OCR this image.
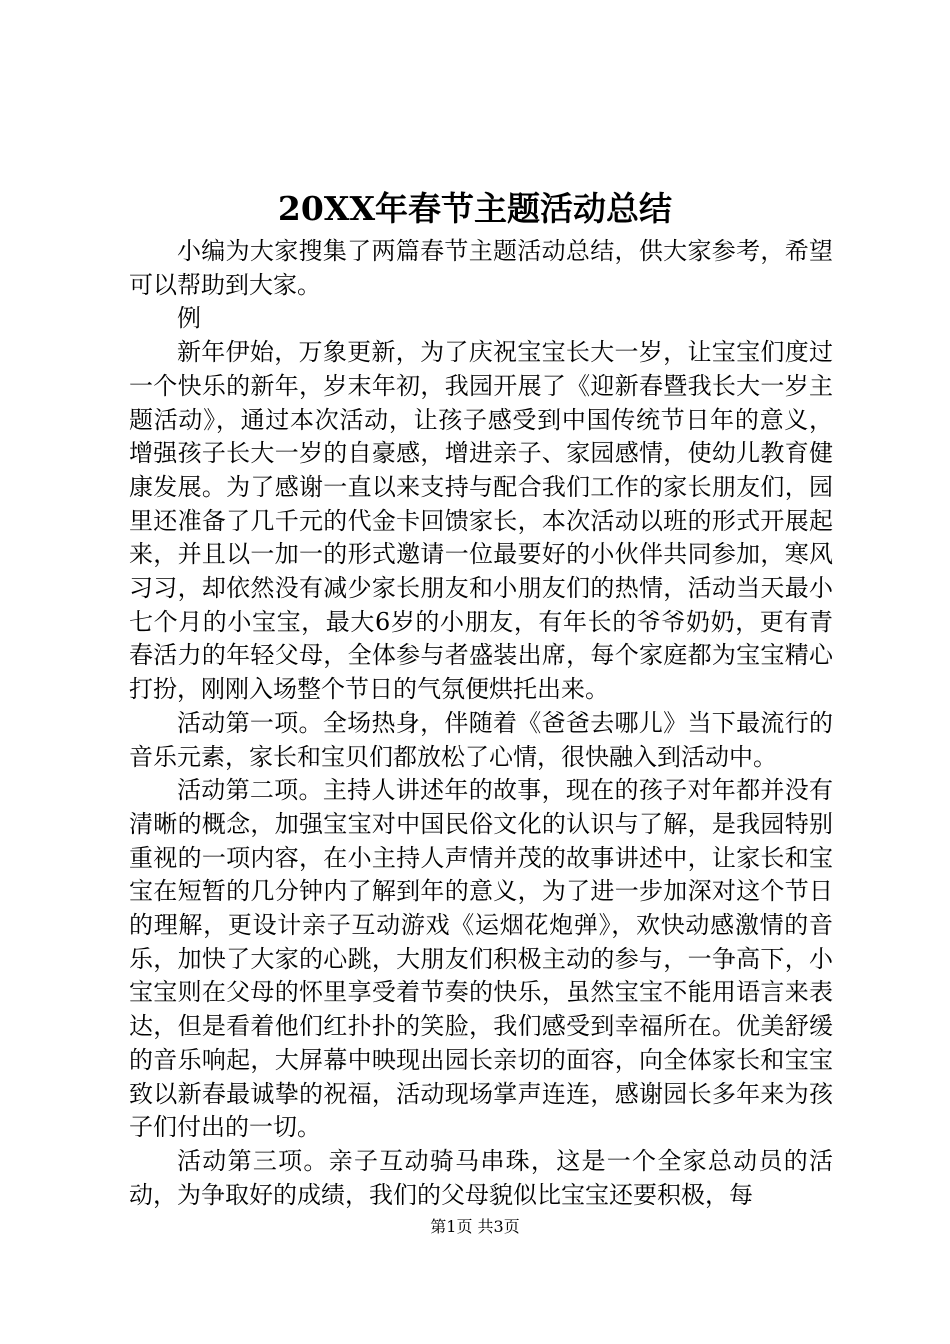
20XX年春节主题活动总结

小编为大家搜集了两篇春节主题活动总结，供大家参考，希望可以帮助到大家。

例

新年伊始，万象更新，为了庆祝宝宝长大一岁，让宝宝们度过一个快乐的新年，岁末年初，我园开展了《迎新春暨我长大一岁主题活动》，通过本次活动，让孩子感受到中国传统节日年的意义，增强孩子长大一岁的自豪感，增进亲子、家园感情，使幼儿教育健康发展。为了感谢一直以来支持与配合我们工作的家长朋友们，园里还准备了几千元的代金卡回馈家长，本次活动以班的形式开展起来，并且以一加一的形式邀请一位最要好的小伙伴共同参加，寒风习习，却依然没有减少家长朋友和小朋友们的热情，活动当天最小七个月的小宝宝，最大6岁的小朋友，有年长的爷爷奶奶，更有青春活力的年轻父母，全体参与者盛装出席，每个家庭都为宝宝精心打扮，刚刚入场整个节日的气氛便烘托出来。

活动第一项。全场热身，伴随着《爸爸去哪儿》当下最流行的音乐元素，家长和宝贝们都放松了心情，很快融入到活动中。

活动第二项。主持人讲述年的故事，现在的孩子对年都并没有清晰的概念，加强宝宝对中国民俗文化的认识与了解，是我园特别重视的一项内容，在小主持人声情并茂的故事讲述中，让家长和宝宝在短暂的几分钟内了解到年的意义，为了进一步加深对这个节日的理解，更设计亲子互动游戏《运烟花炮弹》，欢快动感激情的音乐，加快了大家的心跳，大朋友们积极主动的参与，一争高下，小宝宝则在父母的怀里享受着节奏的快乐，虽然宝宝不能用语言来表达，但是看着他们红扑扑的笑脸，我们感受到幸福所在。优美舒缓的音乐响起，大屏幕中映现出园长亲切的面容，向全体家长和宝宝致以新春最诚挚的祝福，活动现场掌声连连，感谢园长多年来为孩子们付出的一切。

活动第三项。亲子互动骑马串珠，这是一个全家总动员的活动，为争取好的成绩，我们的父母貌似比宝宝还要积极，每

第1页 共3页
